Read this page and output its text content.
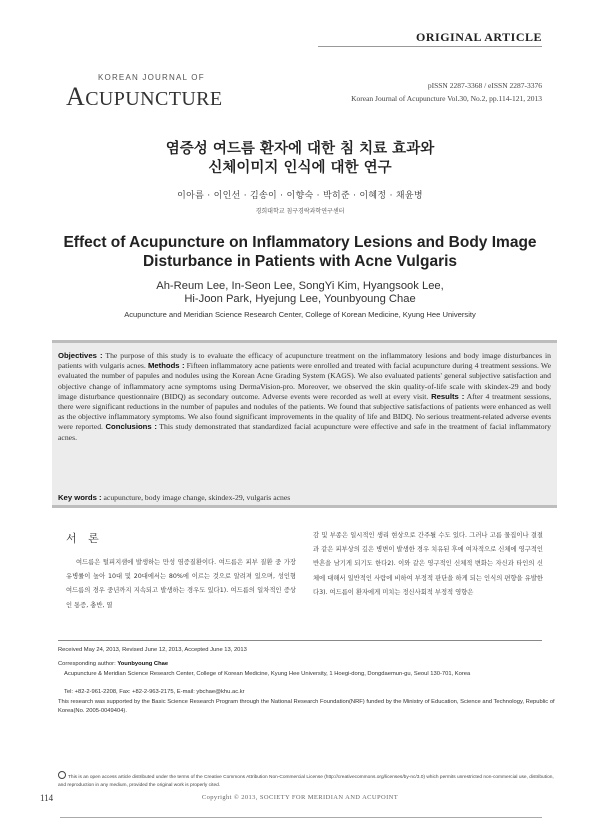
ORIGINAL ARTICLE
KOREAN JOURNAL OF
ACUPUNCTURE
pISSN 2287-3368 / eISSN 2287-3376
Korean Journal of Acupuncture Vol.30, No.2, pp.114-121, 2013
염증성 여드름 환자에 대한 침 치료 효과와
신체이미지 인식에 대한 연구
이아름 · 이인선 · 김송이 · 이향숙 · 박히준 · 이혜정 · 채윤병
경희대학교 침구경락과학연구센터
Effect of Acupuncture on Inflammatory Lesions and Body Image
Disturbance in Patients with Acne Vulgaris
Ah-Reum Lee, In-Seon Lee, SongYi Kim, Hyangsook Lee,
Hi-Joon Park, Hyejung Lee, Younbyoung Chae
Acupuncture and Meridian Science Research Center, College of Korean Medicine, Kyung Hee University
Objectives : The purpose of this study is to evaluate the efficacy of acupuncture treatment on the inflammatory lesions and body image disturbances in patients with vulgaris acnes. Methods : Fifteen inflammatory acne patients were enrolled and treated with facial acupuncture during 4 treatment sessions. We evaluated the number of papules and nodules using the Korean Acne Grading System (KAGS). We also evaluated patients' general subjective satisfaction and objective change of inflammatory acne symptoms using DermaVision-pro. Moreover, we observed the skin quality-of-life scale with skindex-29 and body image disturbance questionnaire (BIDQ) as secondary outcome. Adverse events were recorded as well at every visit. Results : After 4 treatment sessions, there were significant reductions in the number of papules and nodules of the patients. We found that subjective satisfactions of patients were enhanced as well as the objective inflammatory symptoms. We also found significant improvements in the quality of life and BIDQ. No serious treatment-related adverse events were reported. Conclusions : This study demonstrated that standardized facial acupuncture were effective and safe in the treatment of facial inflammatory acnes.
Key words : acupuncture, body image change, skindex-29, vulgaris acnes
서 론

여드름은 털피지샘에 발생하는 만성 염증질환이다. 여드름은 피부 질환 중 가장 유병률이 높아 10대 및 20대에서는 80%에 이르는 것으로 알려져 있으며, 성인형 여드름의 경우 중년까지 지속되고 발생하는 경우도 있다1). 여드름의 일차적인 증상인 통증, 충반, 열

감 및 부종은 일시적인 생리 현상으로 간주될 수도 있다. 그러나 고름 물집이나 결절과 같은 피부상의 깊은 병변이 발생한 경우 치유된 후에 여자적으로 신체에 영구적인 반흔을 남기게 되기도 한다2). 이와 같은 영구적인 신체적 변화는 자신과 타인의 신체에 대해서 일반적인 사람에 비하여 부정적 판단을 하게 되는 인식의 편향을 유발한다3). 여드름이 환자에게 미치는 정신사회적 부정적 영향은

Received May 24, 2013, Revised June 12, 2013, Accepted June 13, 2013
Corresponding author: Younbyoung Chae
Acupuncture & Meridian Science Research Center, College of Korean Medicine, Kyung Hee University, 1 Hoegi-dong, Dongdaemun-gu, Seoul 130-701, Korea
Tel: +82-2-961-2208, Fax: +82-2-963-2175, E-mail: ybchae@khu.ac.kr
This research was supported by the Basic Science Research Program through the National Research Foundation(NRF) funded by the Ministry of Education, Science and Technology, Republic of Korea(No. 2005-0049404).
This is an open access article distributed under the terms of the Creative Commons Attribution Non-Commercial License (http://creativecommons.org/licenses/by-nc/3.0) which permits unrestricted non-commercial use, distribution, and reproduction in any medium, provided the original work is properly cited.
114	Copyright © 2013, SOCIETY FOR MERIDIAN AND ACUPOINT
